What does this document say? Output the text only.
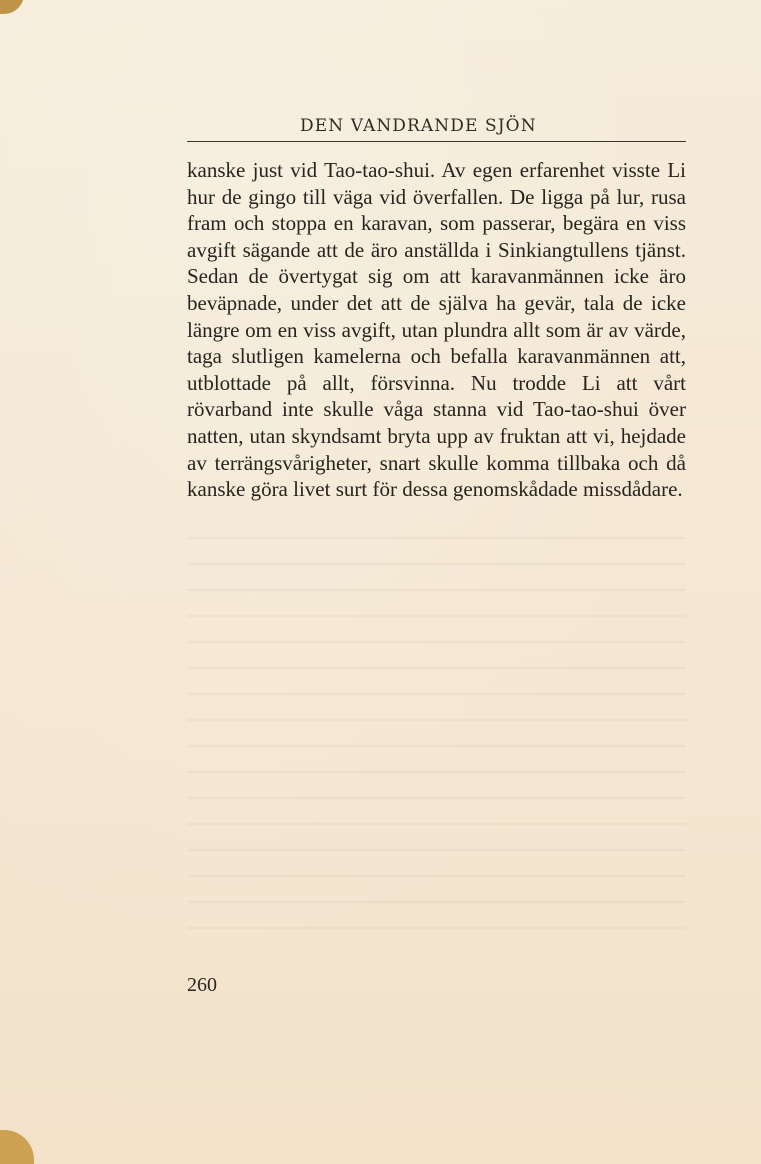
DEN VANDRANDE SJÖN

kanske just vid Tao-tao-shui. Av egen erfarenhet visste Li hur de gingo till väga vid överfallen. De ligga på lur, rusa fram och stoppa en karavan, som passerar, begära en viss avgift sägande att de äro anställda i Sinkiangtullens tjänst. Sedan de övertygat sig om att karavanmännen icke äro beväpnade, under det att de själva ha gevär, tala de icke längre om en viss avgift, utan plundra allt som är av värde, taga slutligen kamelerna och befalla karavanmännen att, utblottade på allt, försvinna. Nu trodde Li att vårt rövarband inte skulle våga stanna vid Tao-tao-shui över natten, utan skyndsamt bryta upp av fruktan att vi, hejdade av terrängsvårigheter, snart skulle komma tillbaka och då kanske göra livet surt för dessa genomskådade missdådare.

260
